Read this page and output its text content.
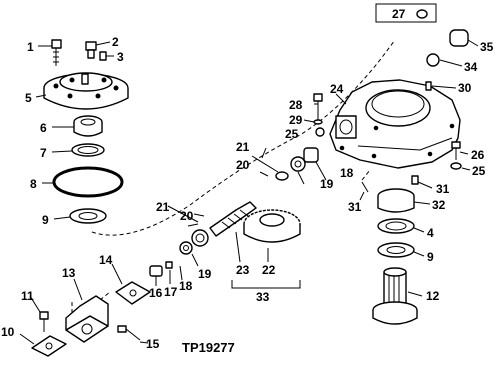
1	2
3
5
6
7
8
9
10
11
13
14
15
16 17 18
19
20
21
21
20
19
18
23 22
33
27
35
34
30
24
28
29
25
26
25
31
31	32
4
9
12
TP19277
